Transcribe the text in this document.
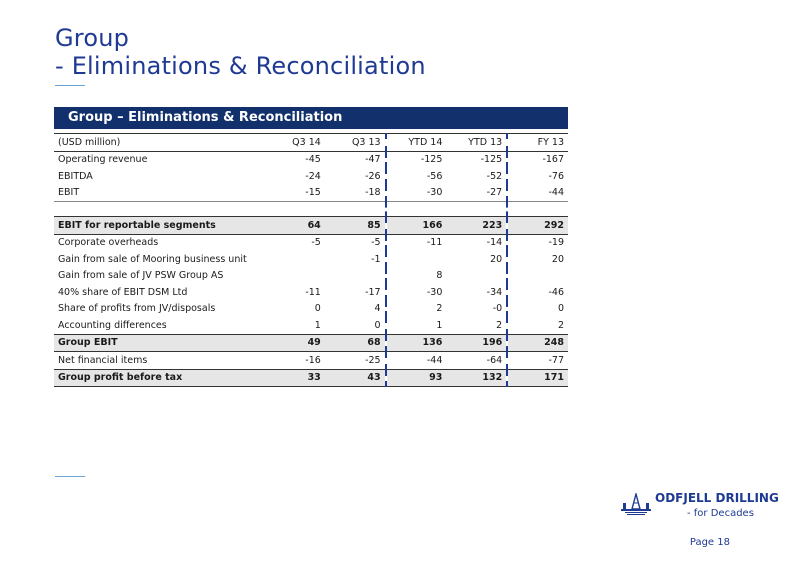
Group
- Eliminations & Reconciliation
Group – Eliminations & Reconciliation
(USD million)	Q3 14	Q3 13	YTD 14	YTD 13	FY 13
Operating revenue	-45	-47	-125	-125	-167
EBITDA	-24	-26	-56	-52	-76
EBIT	-15	-18	-30	-27	-44

EBIT for reportable segments	64	85	166	223	292
Corporate overheads	-5	-5	-11	-14	-19
Gain from sale of Mooring business unit		-1		20	20
Gain from sale of JV PSW Group AS			8		
40% share of EBIT DSM Ltd	-11	-17	-30	-34	-46
Share of profits from JV/disposals	0	4	2	-0	0
Accounting differences	1	0	1	2	2
Group EBIT	49	68	136	196	248
Net financial items	-16	-25	-44	-64	-77
Group profit before tax	33	43	93	132	171
ODFJELL DRILLING
- for Decades
Page 18
